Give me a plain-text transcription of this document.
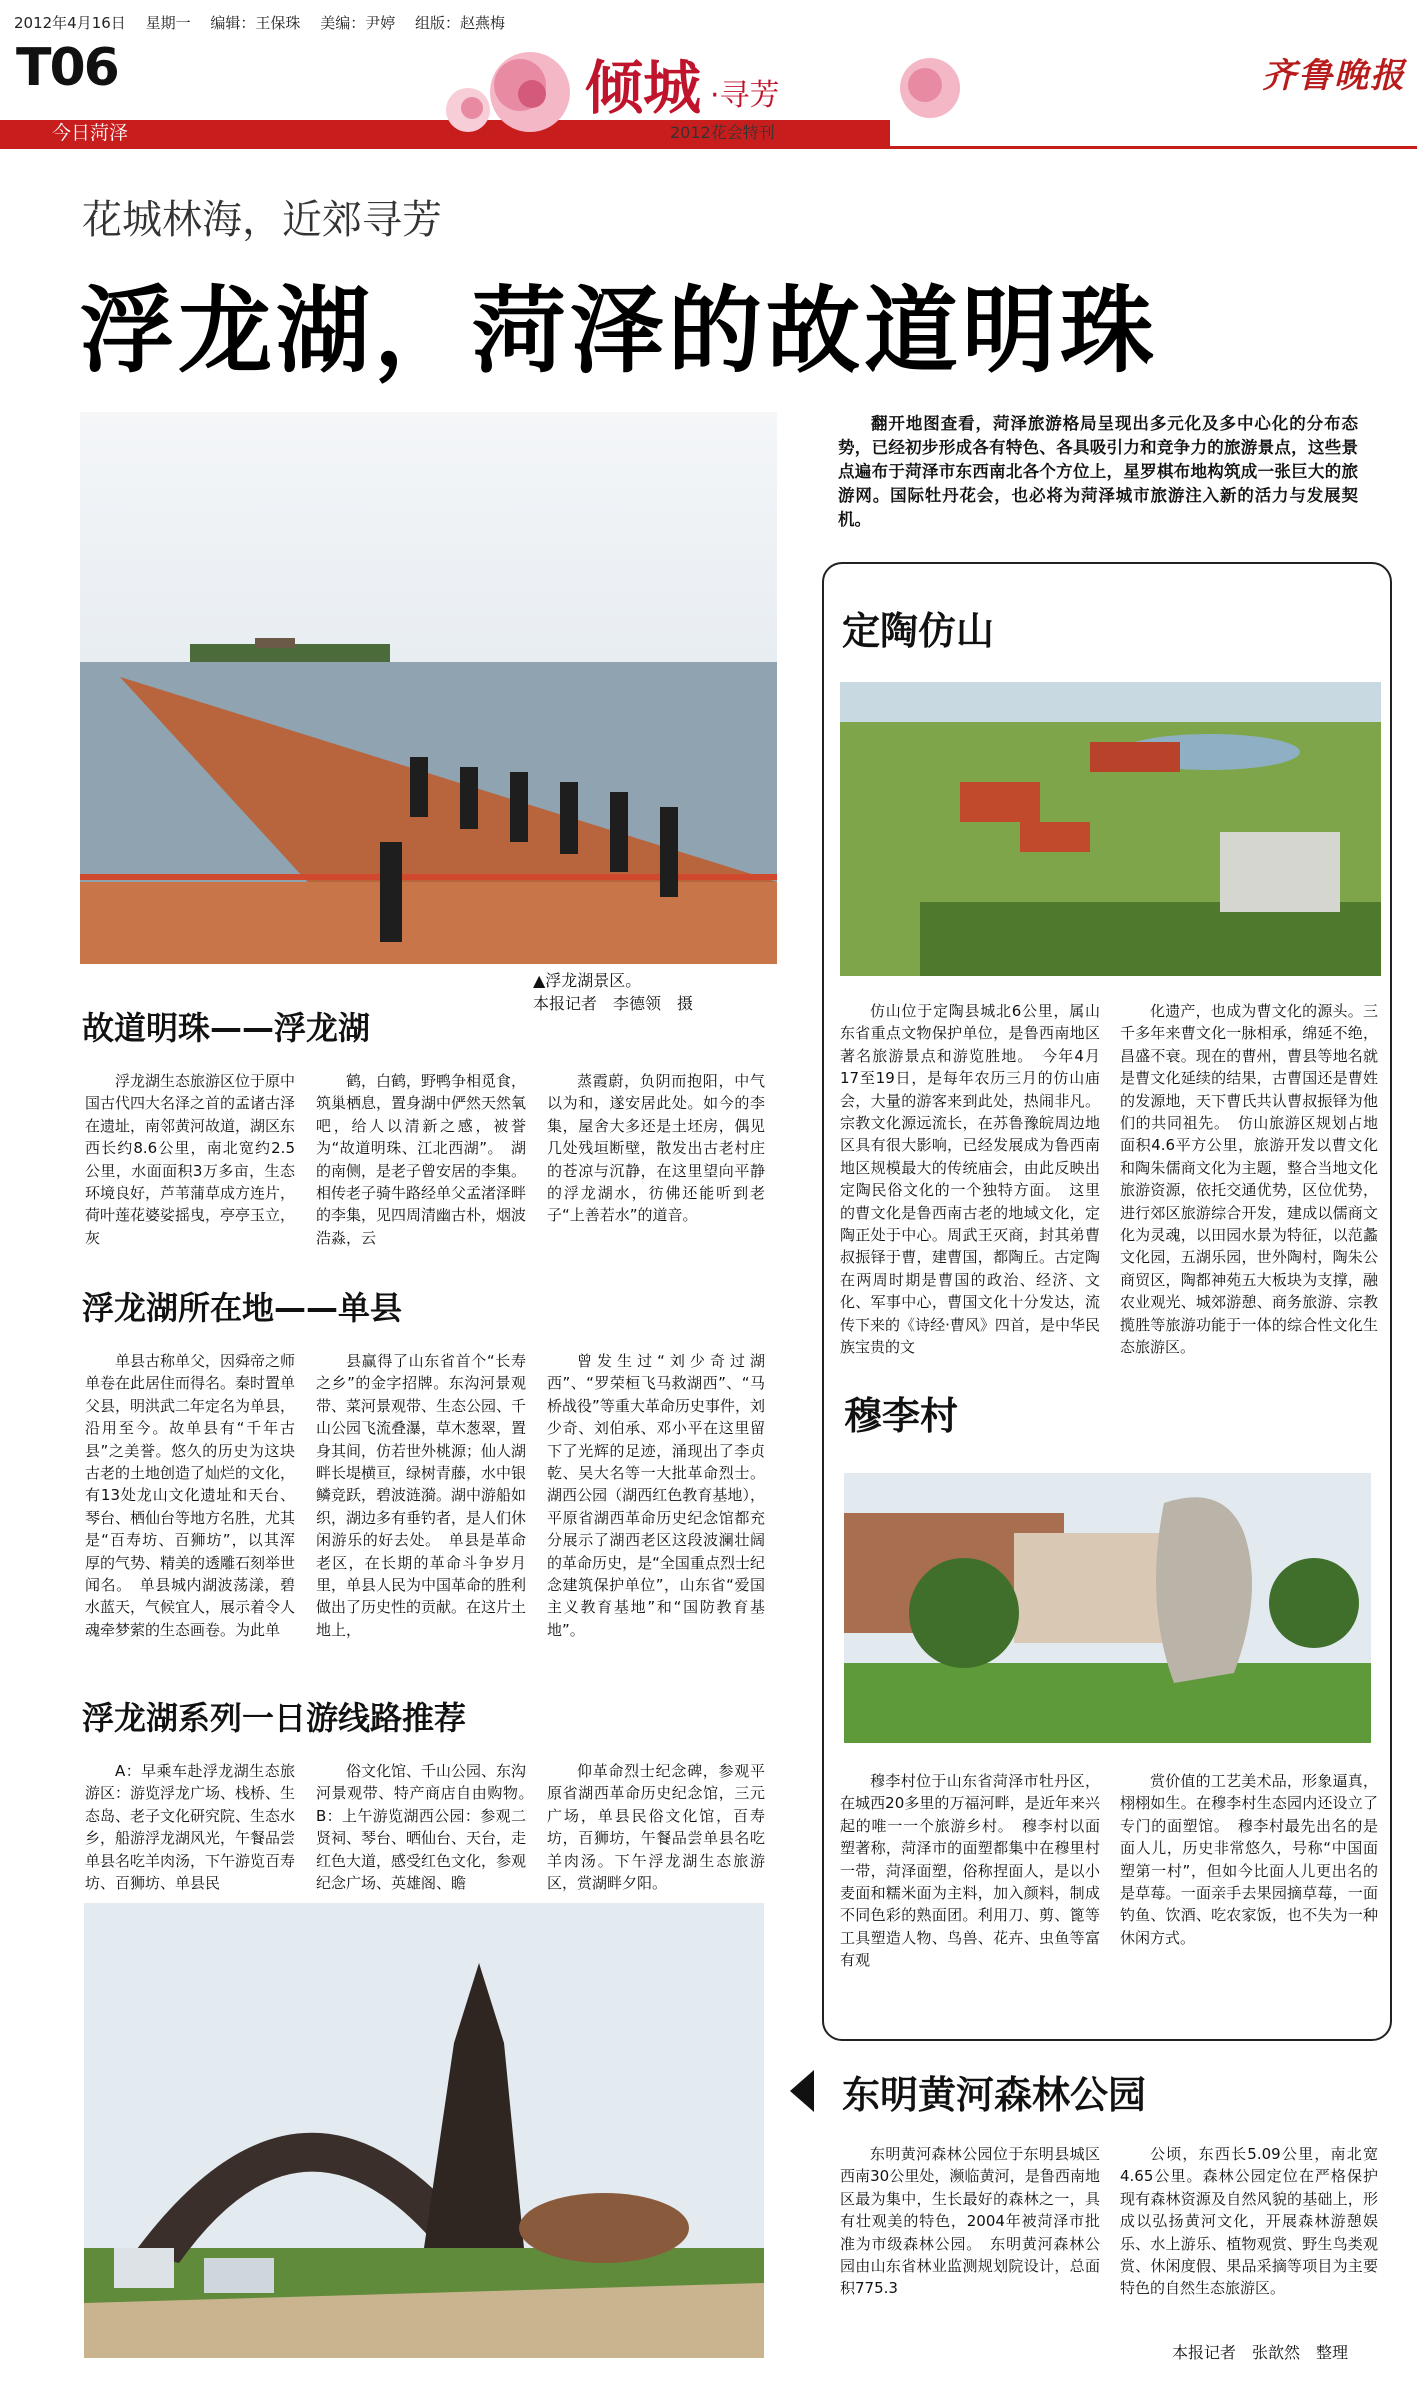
2012年4月16日　 星期一　 编辑：王保珠　 美编：尹婷　 组版：赵燕梅
T06
今日菏泽
倾城 ·寻芳
2012花会特刊
齐鲁晚报
花城林海，近郊寻芳
浮龙湖，菏泽的故道明珠
▲浮龙湖景区。
本报记者　李德领　摄
故道明珠——浮龙湖

浮龙湖生态旅游区位于原中国古代四大名泽之首的孟诸古泽在遗址，南邻黄河故道，湖区东西长约8.6公里，南北宽约2.5公里，水面面积3万多亩，生态环境良好，芦苇蒲草成方连片，荷叶莲花婆娑摇曳，亭亭玉立，灰

鹤，白鹤，野鸭争相觅食，筑巢栖息，置身湖中俨然天然氧吧，给人以清新之感，被誉为“故道明珠、江北西湖”。　湖的南侧，是老子曾安居的李集。相传老子骑牛路经单父孟渚泽畔的李集，见四周清幽古朴，烟波浩淼，云

蒸霞蔚，负阴而抱阳，中气以为和，遂安居此处。如今的李集，屋舍大多还是土坯房，偶见几处残垣断壁，散发出古老村庄的苍凉与沉静，在这里望向平静的浮龙湖水，彷佛还能听到老子“上善若水”的道音。

浮龙湖所在地——单县

单县古称单父，因舜帝之师单卷在此居住而得名。秦时置单父县，明洪武二年定名为单县，沿用至今。故单县有“千年古县”之美誉。悠久的历史为这块古老的土地创造了灿烂的文化，有13处龙山文化遗址和天台、琴台、栖仙台等地方名胜，尤其是“百寿坊、百狮坊”，以其浑厚的气势、精美的透雕石刻举世闻名。　单县城内湖波荡漾，碧水蓝天，气候宜人，展示着令人魂牵梦萦的生态画卷。为此单

县赢得了山东省首个“长寿之乡”的金字招牌。东沟河景观带、菜河景观带、生态公园、千山公园飞流叠瀑，草木葱翠，置身其间，仿若世外桃源；仙人湖畔长堤横亘，绿树青藤，水中银鳞竞跃，碧波涟漪。湖中游船如织，湖边多有垂钓者，是人们休闲游乐的好去处。　单县是革命老区，在长期的革命斗争岁月里，单县人民为中国革命的胜利做出了历史性的贡献。在这片土地上，

曾发生过“刘少奇过湖西”、“罗荣桓飞马救湖西”、“马桥战役”等重大革命历史事件，刘少奇、刘伯承、邓小平在这里留下了光辉的足迹，涌现出了李贞乾、吴大名等一大批革命烈士。湖西公园（湖西红色教育基地），平原省湖西革命历史纪念馆都充分展示了湖西老区这段波澜壮阔的革命历史，是“全国重点烈士纪念建筑保护单位”，山东省“爱国主义教育基地”和“国防教育基地”。

浮龙湖系列一日游线路推荐

A：早乘车赴浮龙湖生态旅游区：游览浮龙广场、栈桥、生态岛、老子文化研究院、生态水乡，船游浮龙湖风光，午餐品尝单县名吃羊肉汤，下午游览百寿坊、百狮坊、单县民

俗文化馆、千山公园、东沟河景观带、特产商店自由购物。　B：上午游览湖西公园：参观二贤祠、琴台、晒仙台、天台，走红色大道，感受红色文化，参观纪念广场、英雄阁、瞻

仰革命烈士纪念碑，参观平原省湖西革命历史纪念馆，三元广场，单县民俗文化馆，百寿坊，百狮坊，午餐品尝单县名吃羊肉汤。下午浮龙湖生态旅游区，赏湖畔夕阳。

翻开地图查看，菏泽旅游格局呈现出多元化及多中心化的分布态势，已经初步形成各有特色、各具吸引力和竞争力的旅游景点，这些景点遍布于菏泽市东西南北各个方位上，星罗棋布地构筑成一张巨大的旅游网。国际牡丹花会，也必将为菏泽城市旅游注入新的活力与发展契机。
定陶仿山

仿山位于定陶县城北6公里，属山东省重点文物保护单位，是鲁西南地区著名旅游景点和游览胜地。　今年4月17至19日，是每年农历三月的仿山庙会，大量的游客来到此处，热闹非凡。宗教文化源远流长，在苏鲁豫皖周边地区具有很大影响，已经发展成为鲁西南地区规模最大的传统庙会，由此反映出定陶民俗文化的一个独特方面。　这里的曹文化是鲁西南古老的地域文化，定陶正处于中心。周武王灭商，封其弟曹叔振铎于曹，建曹国，都陶丘。古定陶在两周时期是曹国的政治、经济、文化、军事中心，曹国文化十分发达，流传下来的《诗经·曹风》四首，是中华民族宝贵的文

化遗产，也成为曹文化的源头。三千多年来曹文化一脉相承，绵延不绝，昌盛不衰。现在的曹州，曹县等地名就是曹文化延续的结果，古曹国还是曹姓的发源地，天下曹氏共认曹叔振铎为他们的共同祖先。　仿山旅游区规划占地面积4.6平方公里，旅游开发以曹文化和陶朱儒商文化为主题，整合当地文化旅游资源，依托交通优势，区位优势，进行郊区旅游综合开发，建成以儒商文化为灵魂，以田园水景为特征，以范蠡文化园，五湖乐园，世外陶村，陶朱公商贸区，陶都神苑五大板块为支撑，融农业观光、城郊游憩、商务旅游、宗教揽胜等旅游功能于一体的综合性文化生态旅游区。

穆李村

穆李村位于山东省菏泽市牡丹区，在城西20多里的万福河畔，是近年来兴起的唯一一个旅游乡村。　穆李村以面塑著称，菏泽市的面塑都集中在穆里村一带，菏泽面塑，俗称捏面人，是以小麦面和糯米面为主料，加入颜料，制成不同色彩的熟面团。利用刀、剪、篦等工具塑造人物、鸟兽、花卉、虫鱼等富有观

赏价值的工艺美术品，形象逼真，栩栩如生。在穆李村生态园内还设立了专门的面塑馆。　穆李村最先出名的是面人儿，历史非常悠久，号称“中国面塑第一村”，但如今比面人儿更出名的是草莓。一面亲手去果园摘草莓，一面钓鱼、饮酒、吃农家饭，也不失为一种休闲方式。

东明黄河森林公园

东明黄河森林公园位于东明县城区西南30公里处，濒临黄河，是鲁西南地区最为集中，生长最好的森林之一，具有壮观美的特色，2004年被菏泽市批准为市级森林公园。　东明黄河森林公园由山东省林业监测规划院设计，总面积775.3

公顷，东西长5.09公里，南北宽4.65公里。森林公园定位在严格保护现有森林资源及自然风貌的基础上，形成以弘扬黄河文化，开展森林游憩娱乐、水上游乐、植物观赏、野生鸟类观赏、休闲度假、果品采摘等项目为主要特色的自然生态旅游区。

本报记者　张歆然　整理
